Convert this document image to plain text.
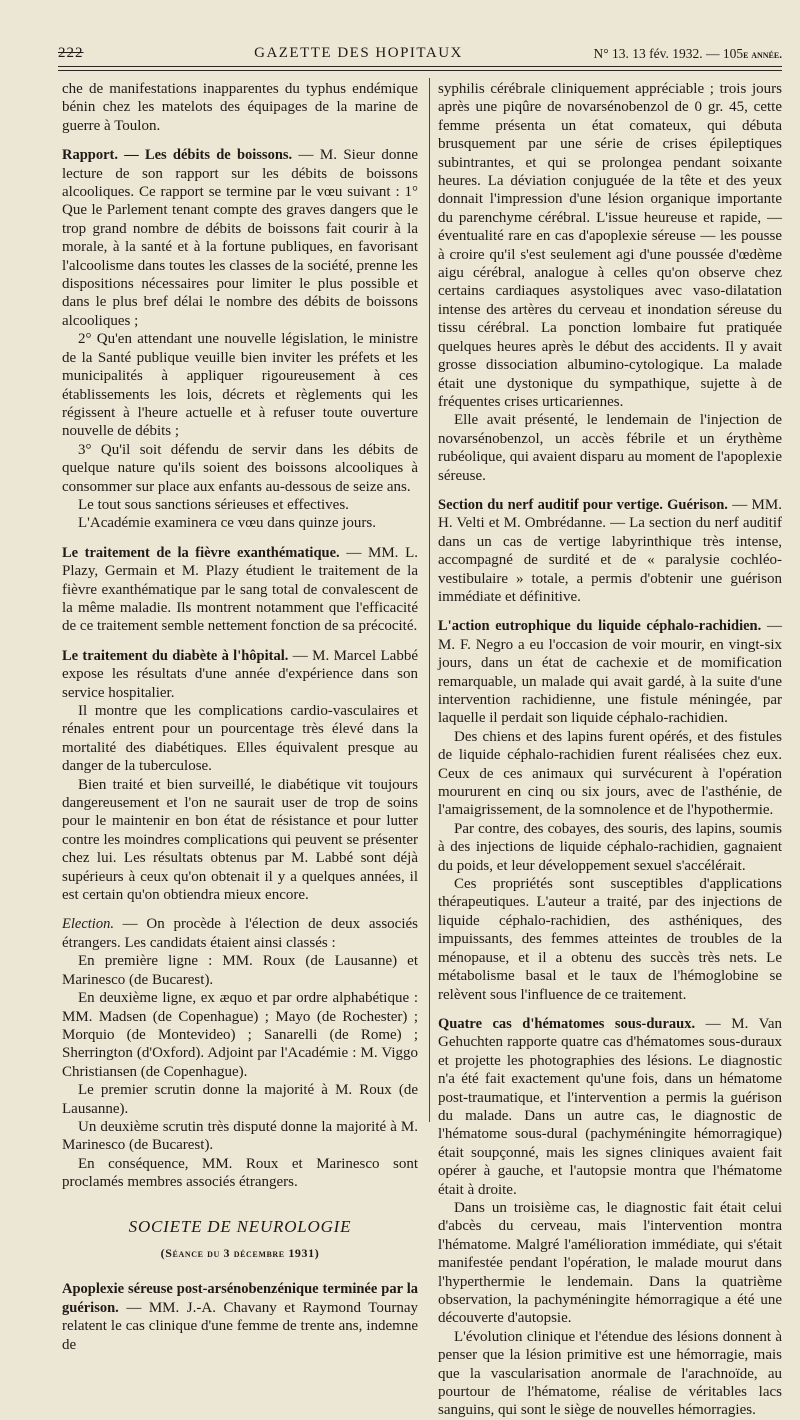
222	GAZETTE DES HOPITAUX	N° 13. 13 fév. 1932. — 105e année.

che de manifestations inapparentes du typhus endémique bénin chez les matelots des équipages de la marine de guerre à Toulon.

Rapport. — Les débits de boissons. — M. Sieur donne lecture de son rapport sur les débits de boissons alcooliques. Ce rapport se termine par le vœu suivant : 1° Que le Parlement tenant compte des graves dangers que le trop grand nombre de débits de boissons fait courir à la morale, à la santé et à la fortune publiques, en favorisant l'alcoolisme dans toutes les classes de la société, prenne les dispositions nécessaires pour limiter le plus possible et dans le plus bref délai le nombre des débits de boissons alcooliques ;

2° Qu'en attendant une nouvelle législation, le ministre de la Santé publique veuille bien inviter les préfets et les municipalités à appliquer rigoureusement à ces établissements les lois, décrets et règlements qui les régissent à l'heure actuelle et à refuser toute ouverture nouvelle de débits ;

3° Qu'il soit défendu de servir dans les débits de quelque nature qu'ils soient des boissons alcooliques à consommer sur place aux enfants au-dessous de seize ans.

Le tout sous sanctions sérieuses et effectives.

L'Académie examinera ce vœu dans quinze jours.

Le traitement de la fièvre exanthématique. — MM. L. Plazy, Germain et M. Plazy étudient le traitement de la fièvre exanthématique par le sang total de convalescent de la même maladie. Ils montrent notamment que l'efficacité de ce traitement semble nettement fonction de sa précocité.

Le traitement du diabète à l'hôpital. — M. Marcel Labbé expose les résultats d'une année d'expérience dans son service hospitalier.

Il montre que les complications cardio-vasculaires et rénales entrent pour un pourcentage très élevé dans la mortalité des diabétiques. Elles équivalent presque au danger de la tuberculose.

Bien traité et bien surveillé, le diabétique vit toujours dangereusement et l'on ne saurait user de trop de soins pour le maintenir en bon état de résistance et pour lutter contre les moindres complications qui peuvent se présenter chez lui. Les résultats obtenus par M. Labbé sont déjà supérieurs à ceux qu'on obtenait il y a quelques années, il est certain qu'on obtiendra mieux encore.

Election. — On procède à l'élection de deux associés étrangers. Les candidats étaient ainsi classés :

En première ligne : MM. Roux (de Lausanne) et Marinesco (de Bucarest).

En deuxième ligne, ex æquo et par ordre alphabétique : MM. Madsen (de Copenhague) ; Mayo (de Rochester) ; Morquio (de Montevideo) ; Sanarelli (de Rome) ; Sherrington (d'Oxford). Adjoint par l'Académie : M. Viggo Christiansen (de Copenhague).

Le premier scrutin donne la majorité à M. Roux (de Lausanne).

Un deuxième scrutin très disputé donne la majorité à M. Marinesco (de Bucarest).

En conséquence, MM. Roux et Marinesco sont proclamés membres associés étrangers.

SOCIETE DE NEUROLOGIE
(Séance du 3 décembre 1931)

Apoplexie séreuse post-arsénobenzénique terminée par la guérison. — MM. J.-A. Chavany et Raymond Tournay relatent le cas clinique d'une femme de trente ans, indemne de

syphilis cérébrale cliniquement appréciable ; trois jours après une piqûre de novarsénobenzol de 0 gr. 45, cette femme présenta un état comateux, qui débuta brusquement par une série de crises épileptiques subintrantes, et qui se prolongea pendant soixante heures. La déviation conjuguée de la tête et des yeux donnait l'impression d'une lésion organique importante du parenchyme cérébral. L'issue heureuse et rapide, — éventualité rare en cas d'apoplexie séreuse — les pousse à croire qu'il s'est seulement agi d'une poussée d'œdème aigu cérébral, analogue à celles qu'on observe chez certains cardiaques asystoliques avec vaso-dilatation intense des artères du cerveau et inondation séreuse du tissu cérébral. La ponction lombaire fut pratiquée quelques heures après le début des accidents. Il y avait grosse dissociation albumino-cytologique. La malade était une dystonique du sympathique, sujette à de fréquentes crises urticariennes.

Elle avait présenté, le lendemain de l'injection de novarsénobenzol, un accès fébrile et un érythème rubéolique, qui avaient disparu au moment de l'apoplexie séreuse.

Section du nerf auditif pour vertige. Guérison. — MM. H. Velti et M. Ombrédanne. — La section du nerf auditif dans un cas de vertige labyrinthique très intense, accompagné de surdité et de « paralysie cochléo-vestibulaire » totale, a permis d'obtenir une guérison immédiate et définitive.

L'action eutrophique du liquide céphalo-rachidien. — M. F. Negro a eu l'occasion de voir mourir, en vingt-six jours, dans un état de cachexie et de momification remarquable, un malade qui avait gardé, à la suite d'une intervention rachidienne, une fistule méningée, par laquelle il perdait son liquide céphalo-rachidien.

Des chiens et des lapins furent opérés, et des fistules de liquide céphalo-rachidien furent réalisées chez eux. Ceux de ces animaux qui survécurent à l'opération moururent en cinq ou six jours, avec de l'asthénie, de l'amaigrissement, de la somnolence et de l'hypothermie.

Par contre, des cobayes, des souris, des lapins, soumis à des injections de liquide céphalo-rachidien, gagnaient du poids, et leur développement sexuel s'accélérait.

Ces propriétés sont susceptibles d'applications thérapeutiques. L'auteur a traité, par des injections de liquide céphalo-rachidien, des asthéniques, des impuissants, des femmes atteintes de troubles de la ménopause, et il a obtenu des succès très nets. Le métabolisme basal et le taux de l'hémoglobine se relèvent sous l'influence de ce traitement.

Quatre cas d'hématomes sous-duraux. — M. Van Gehuchten rapporte quatre cas d'hématomes sous-duraux et projette les photographies des lésions. Le diagnostic n'a été fait exactement qu'une fois, dans un hématome post-traumatique, et l'intervention a permis la guérison du malade. Dans un autre cas, le diagnostic de l'hématome sous-dural (pachyméningite hémorragique) était soupçonné, mais les signes cliniques avaient fait opérer à gauche, et l'autopsie montra que l'hématome était à droite.

Dans un troisième cas, le diagnostic fait était celui d'abcès du cerveau, mais l'intervention montra l'hématome. Malgré l'amélioration immédiate, qui s'était manifestée pendant l'opération, le malade mourut dans l'hyperthermie le lendemain. Dans la quatrième observation, la pachyméningite hémorragique a été une découverte d'autopsie.

L'évolution clinique et l'étendue des lésions donnent à penser que la lésion primitive est une hémorragie, mais que la vascularisation anormale de l'arachnoïde, au pourtour de l'hématome, réalise de véritables lacs sanguins, qui sont le siège de nouvelles hémorragies.
